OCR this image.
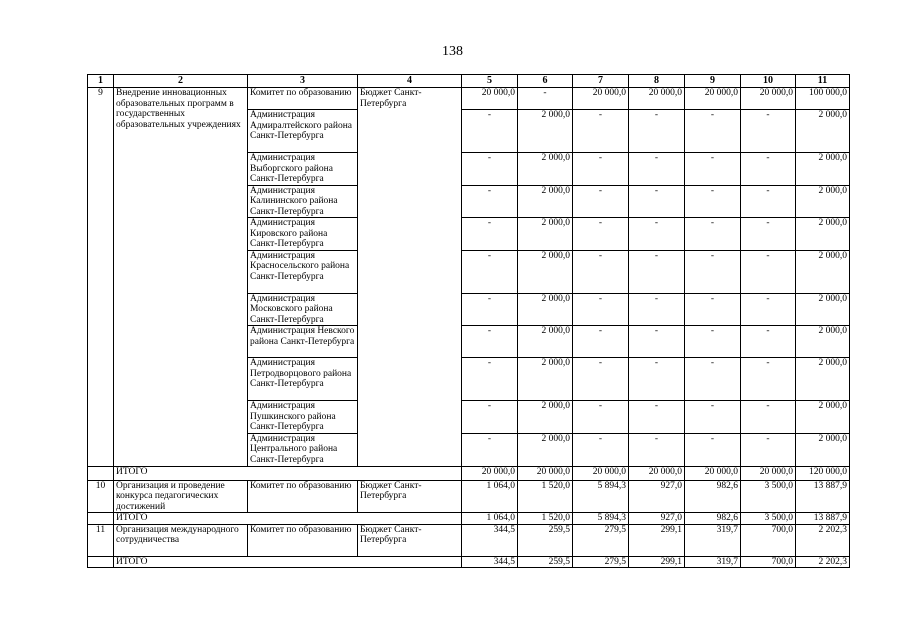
138
1	2	3	4	5	6	7	8	9	10	11
9	Внедрение инновационных образовательных программ в государственных образовательных учреждениях	Комитет по образованию	Бюджет Санкт-Петербурга	20 000,0	-	20 000,0	20 000,0	20 000,0	20 000,0	100 000,0
		Администрация Адмиралтейского района Санкт-Петербурга		-	2 000,0	-	-	-	-	2 000,0
		Администрация Выборгского района Санкт-Петербурга		-	2 000,0	-	-	-	-	2 000,0
		Администрация Калининского района Санкт-Петербурга		-	2 000,0	-	-	-	-	2 000,0
		Администрация Кировского района Санкт-Петербурга		-	2 000,0	-	-	-	-	2 000,0
		Администрация Красносельского района Санкт-Петербурга		-	2 000,0	-	-	-	-	2 000,0
		Администрация Московского района Санкт-Петербурга		-	2 000,0	-	-	-	-	2 000,0
		Администрация Невского района Санкт-Петербурга		-	2 000,0	-	-	-	-	2 000,0
		Администрация Петродворцового района Санкт-Петербурга		-	2 000,0	-	-	-	-	2 000,0
		Администрация Пушкинского района Санкт-Петербурга		-	2 000,0	-	-	-	-	2 000,0
		Администрация Центрального района Санкт-Петербурга		-	2 000,0	-	-	-	-	2 000,0
	ИТОГО			20 000,0	20 000,0	20 000,0	20 000,0	20 000,0	20 000,0	120 000,0
10	Организация и проведение конкурса педагогических достижений	Комитет по образованию	Бюджет Санкт-Петербурга	1 064,0	1 520,0	5 894,3	927,0	982,6	3 500,0	13 887,9
	ИТОГО			1 064,0	1 520,0	5 894,3	927,0	982,6	3 500,0	13 887,9
11	Организация международного сотрудничества	Комитет по образованию	Бюджет Санкт-Петербурга	344,5	259,5	279,5	299,1	319,7	700,0	2 202,3
	ИТОГО			344,5	259,5	279,5	299,1	319,7	700,0	2 202,3
